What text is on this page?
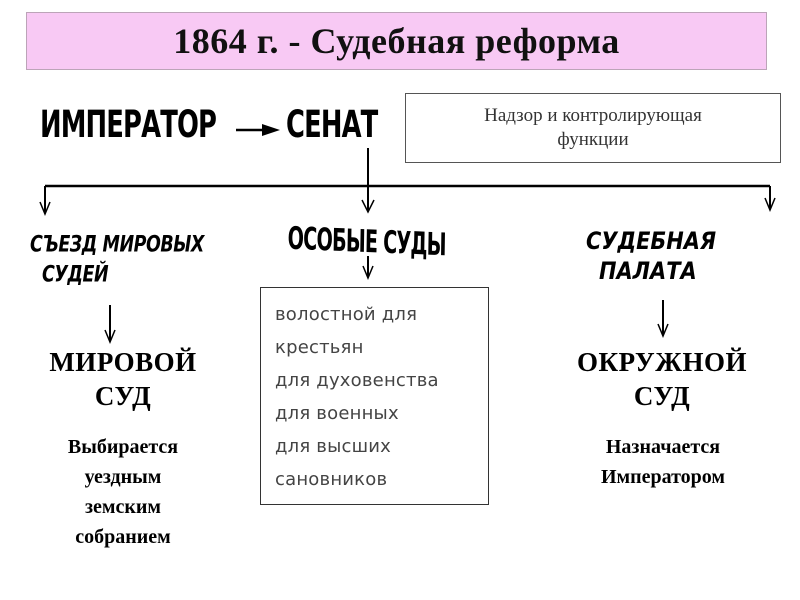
1864 г. - Судебная реформа
ИМПЕРАТОР СЕНАТ	Надзор и контролирующая
функции
СЪЕЗД МИРОВЫХ
СУДЕЙ
ОСОБЫЕ СУДЫ	СУДЕБНАЯ
ПАЛАТА
волостной для
крестьян
для духовенства
для военных
для высших
сановников
МИРОВОЙ
СУД
ОКРУЖНОЙ
СУД
Выбирается
уездным
земским
собранием
Назначается
Императором
